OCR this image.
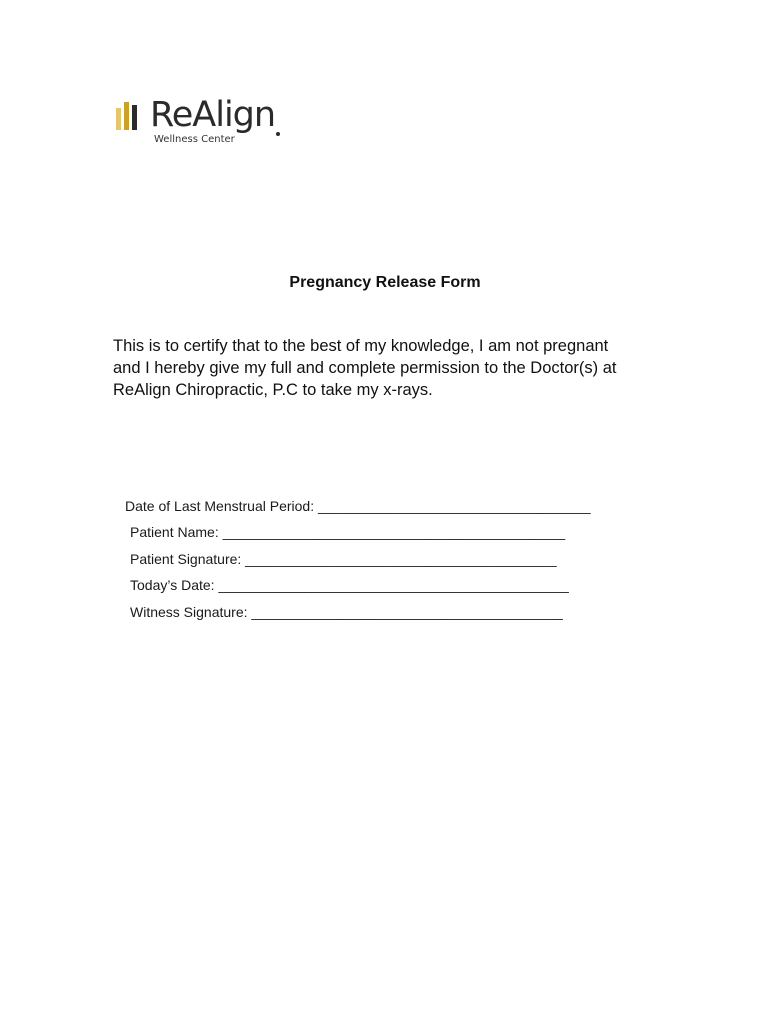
ReAlign
Wellness Center
Pregnancy Release Form
This is to certify that to the best of my knowledge, I am not pregnant
and I hereby give my full and complete permission to the Doctor(s) at
ReAlign Chiropractic, P.C to take my x-rays.
Date of Last Menstrual Period: ___________________________________
Patient Name: ____________________________________________
Patient Signature: ________________________________________
Today’s Date: _____________________________________________
Witness Signature: ________________________________________
